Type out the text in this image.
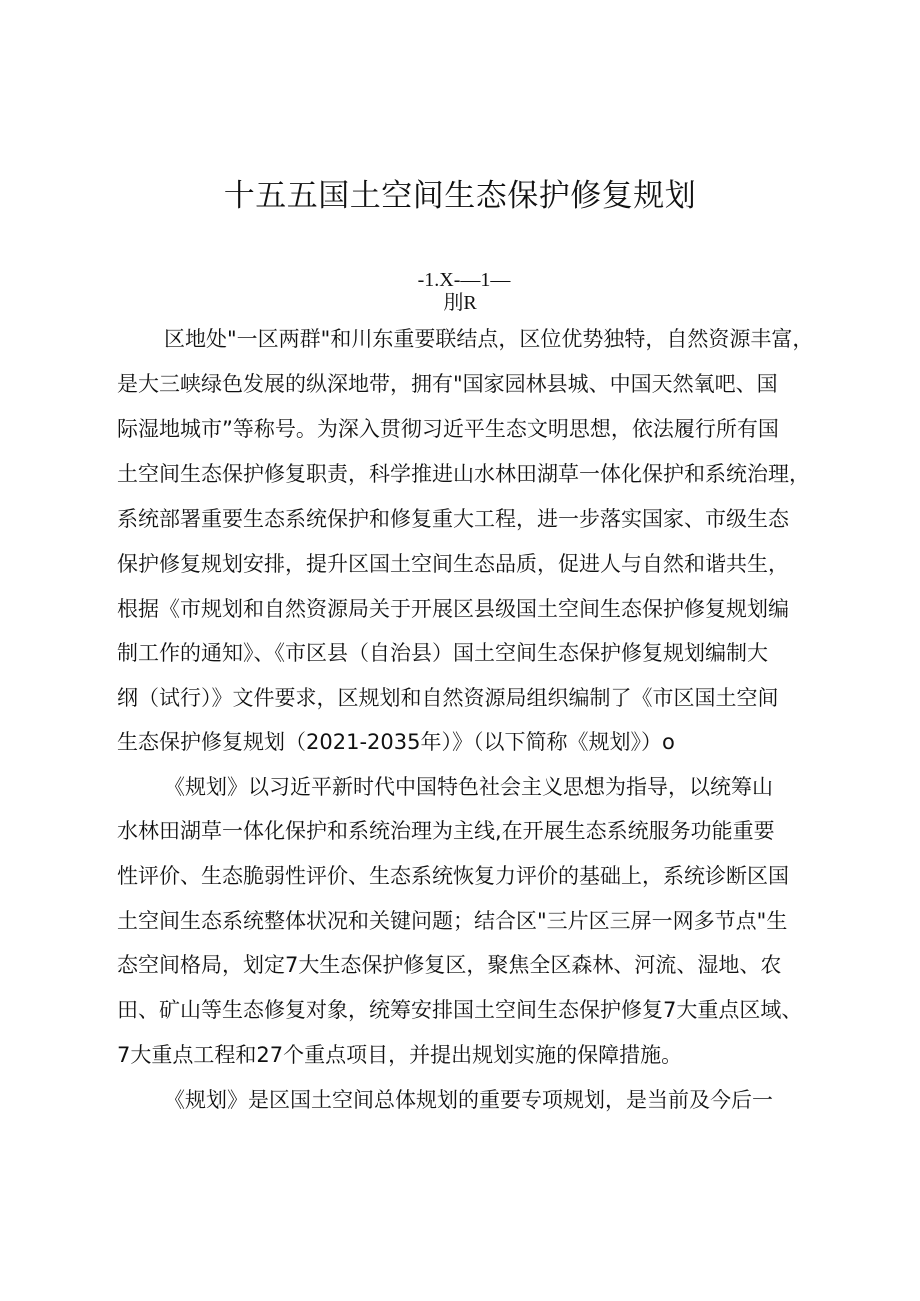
十五五国土空间生态保护修复规划
-1.X-—1—
刖R
区地处"一区两群"和川东重要联结点，区位优势独特，自然资源丰富，
是大三峡绿色发展的纵深地带，拥有"国家园林县城、中国天然氧吧、国
际湿地城市”等称号。为深入贯彻习近平生态文明思想，依法履行所有国
土空间生态保护修复职责，科学推进山水林田湖草一体化保护和系统治理，
系统部署重要生态系统保护和修复重大工程，进一步落实国家、市级生态
保护修复规划安排，提升区国土空间生态品质，促进人与自然和谐共生，
根据《市规划和自然资源局关于开展区县级国土空间生态保护修复规划编
制工作的通知》、《市区县（自治县）国土空间生态保护修复规划编制大
纲（试行）》文件要求，区规划和自然资源局组织编制了《市区国土空间
生态保护修复规划（2021-2035年）》（以下简称《规划》）o
《规划》以习近平新时代中国特色社会主义思想为指导，以统筹山
水林田湖草一体化保护和系统治理为主线,在开展生态系统服务功能重要
性评价、生态脆弱性评价、生态系统恢复力评价的基础上，系统诊断区国
土空间生态系统整体状况和关键问题；结合区"三片区三屏一网多节点"生
态空间格局，划定7大生态保护修复区，聚焦全区森林、河流、湿地、农
田、矿山等生态修复对象，统筹安排国土空间生态保护修复7大重点区域、
7大重点工程和27个重点项目，并提出规划实施的保障措施。
《规划》是区国土空间总体规划的重要专项规划，是当前及今后一
